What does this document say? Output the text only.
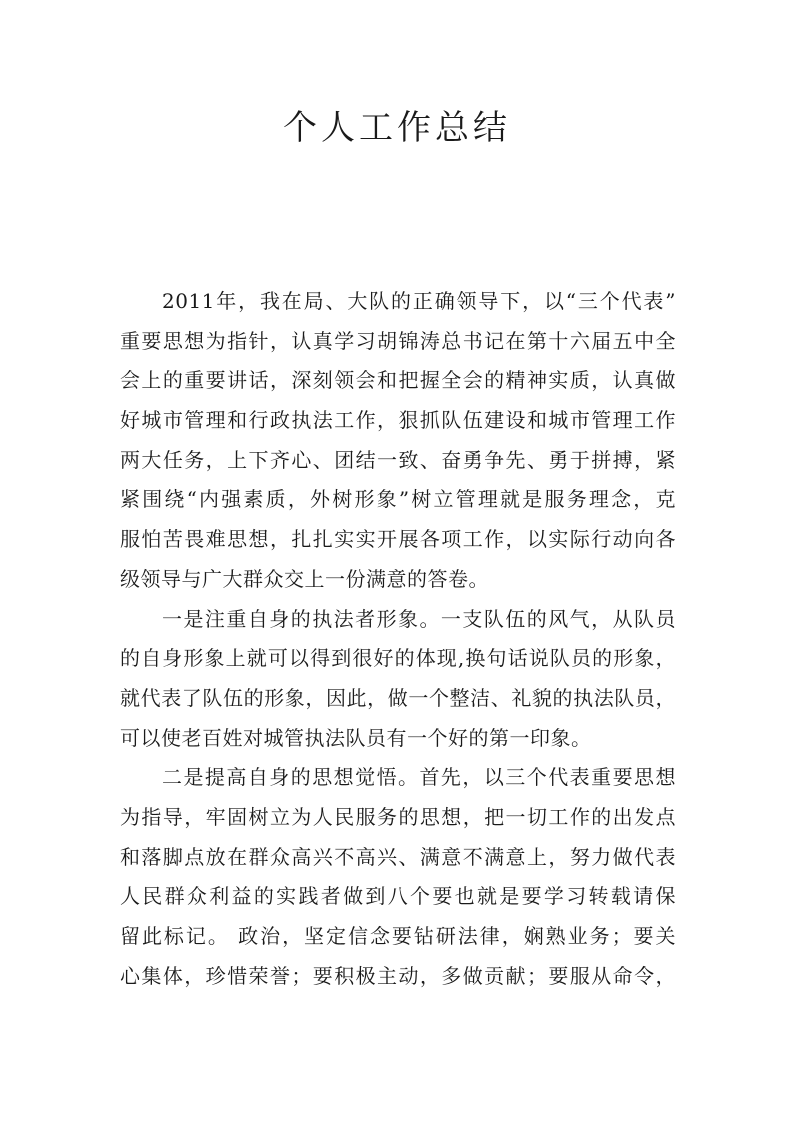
个人工作总结
2011年，我在局、大队的正确领导下，以“三个代表”
重要思想为指针，认真学习胡锦涛总书记在第十六届五中全
会上的重要讲话，深刻领会和把握全会的精神实质，认真做
好城市管理和行政执法工作，狠抓队伍建设和城市管理工作
两大任务，上下齐心、团结一致、奋勇争先、勇于拼搏，紧
紧围绕“内强素质，外树形象”树立管理就是服务理念，克
服怕苦畏难思想，扎扎实实开展各项工作，以实际行动向各
级领导与广大群众交上一份满意的答卷。
一是注重自身的执法者形象。一支队伍的风气，从队员
的自身形象上就可以得到很好的体现,换句话说队员的形象，
就代表了队伍的形象，因此，做一个整洁、礼貌的执法队员，
可以使老百姓对城管执法队员有一个好的第一印象。
二是提高自身的思想觉悟。首先，以三个代表重要思想
为指导，牢固树立为人民服务的思想，把一切工作的出发点
和落脚点放在群众高兴不高兴、满意不满意上，努力做代表
人民群众利益的实践者做到八个要也就是要学习转载请保
留此标记。 政治，坚定信念要钻研法律，娴熟业务；要关
心集体，珍惜荣誉；要积极主动，多做贡献；要服从命令，
